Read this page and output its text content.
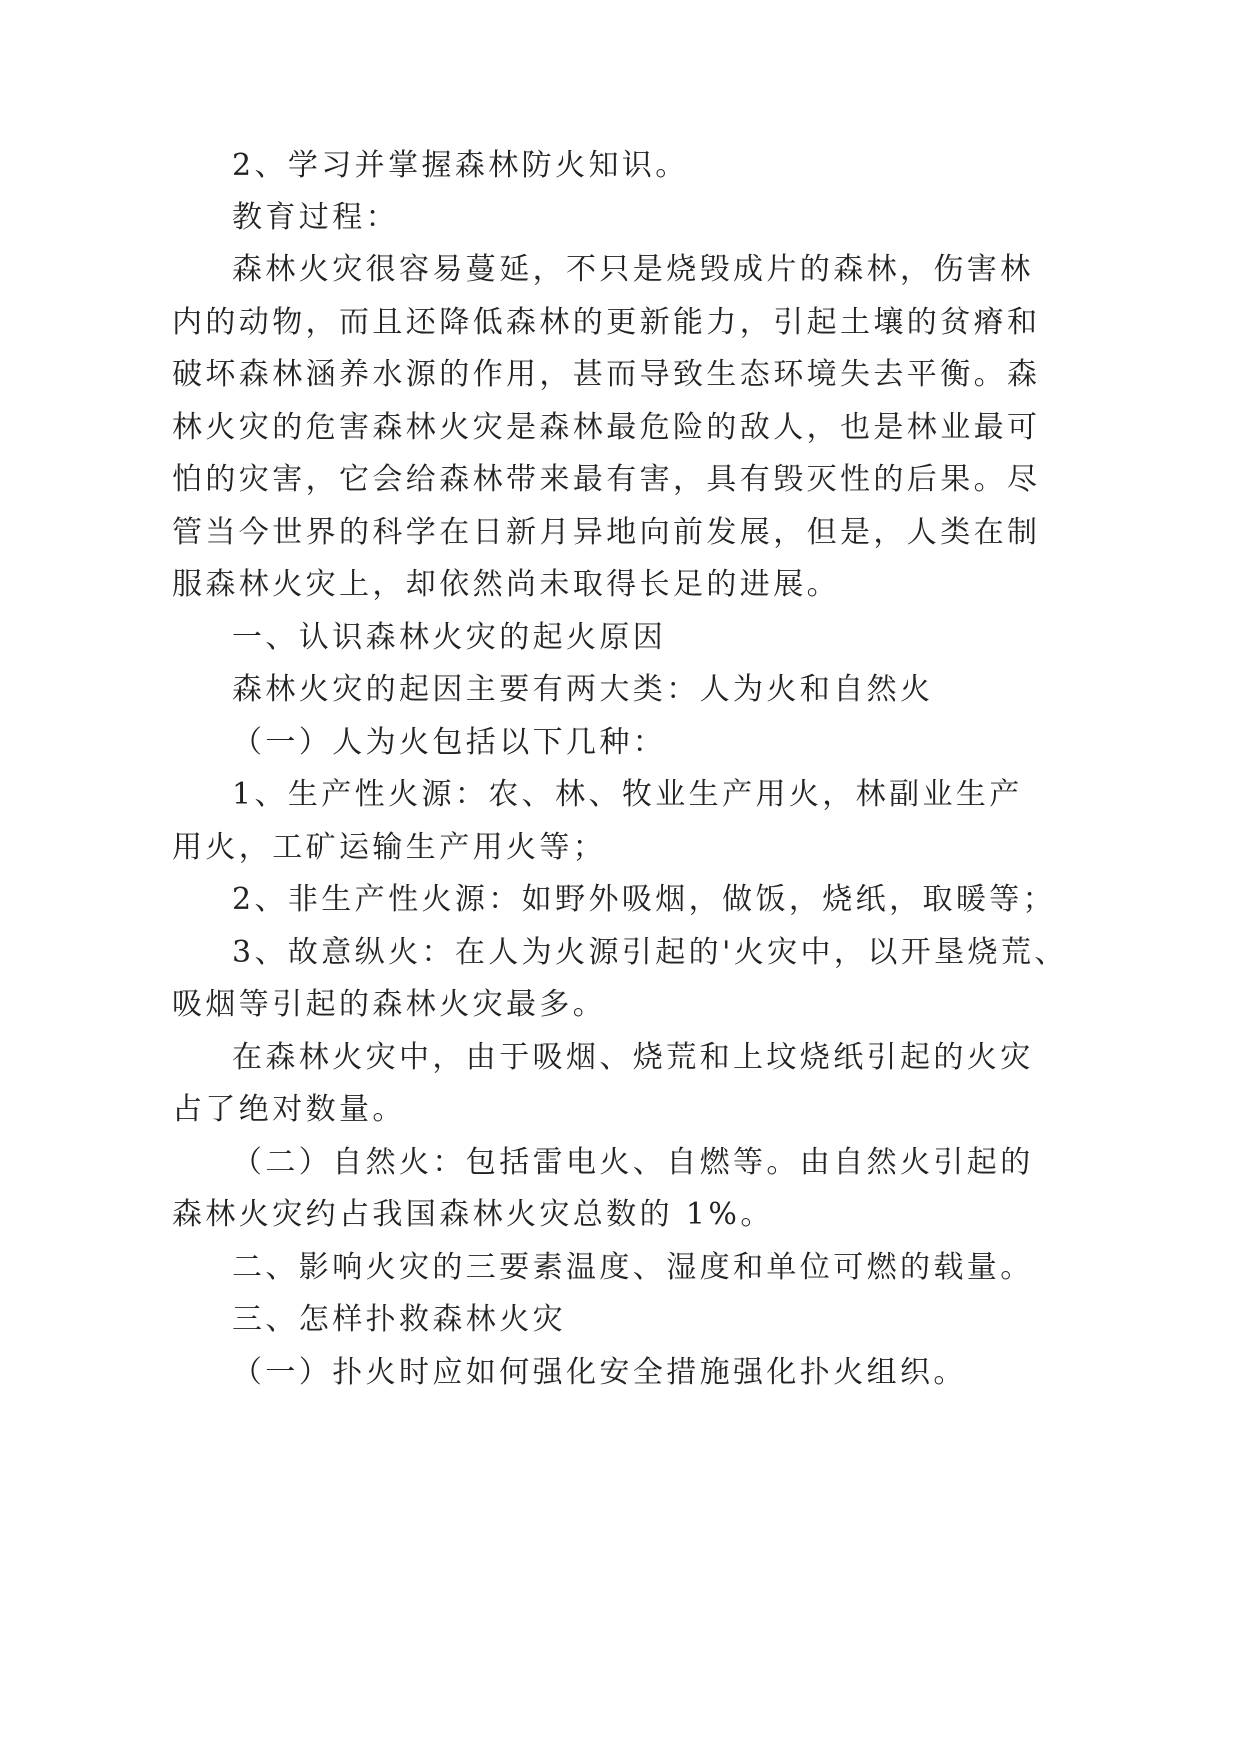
2、学习并掌握森林防火知识。
教育过程：
森林火灾很容易蔓延，不只是烧毁成片的森林，伤害林
内的动物，而且还降低森林的更新能力，引起土壤的贫瘠和
破坏森林涵养水源的作用，甚而导致生态环境失去平衡。森
林火灾的危害森林火灾是森林最危险的敌人，也是林业最可
怕的灾害，它会给森林带来最有害，具有毁灭性的后果。尽
管当今世界的科学在日新月异地向前发展，但是，人类在制
服森林火灾上，却依然尚未取得长足的进展。
一、认识森林火灾的起火原因
森林火灾的起因主要有两大类：人为火和自然火
（一）人为火包括以下几种：
1、生产性火源：农、林、牧业生产用火，林副业生产
用火，工矿运输生产用火等；
2、非生产性火源：如野外吸烟，做饭，烧纸，取暖等；
3、故意纵火：在人为火源引起的'火灾中，以开垦烧荒、
吸烟等引起的森林火灾最多。
在森林火灾中，由于吸烟、烧荒和上坟烧纸引起的火灾
占了绝对数量。
（二）自然火：包括雷电火、自燃等。由自然火引起的
森林火灾约占我国森林火灾总数的 1%。
二、影响火灾的三要素温度、湿度和单位可燃的载量。
三、怎样扑救森林火灾
（一）扑火时应如何强化安全措施强化扑火组织。
